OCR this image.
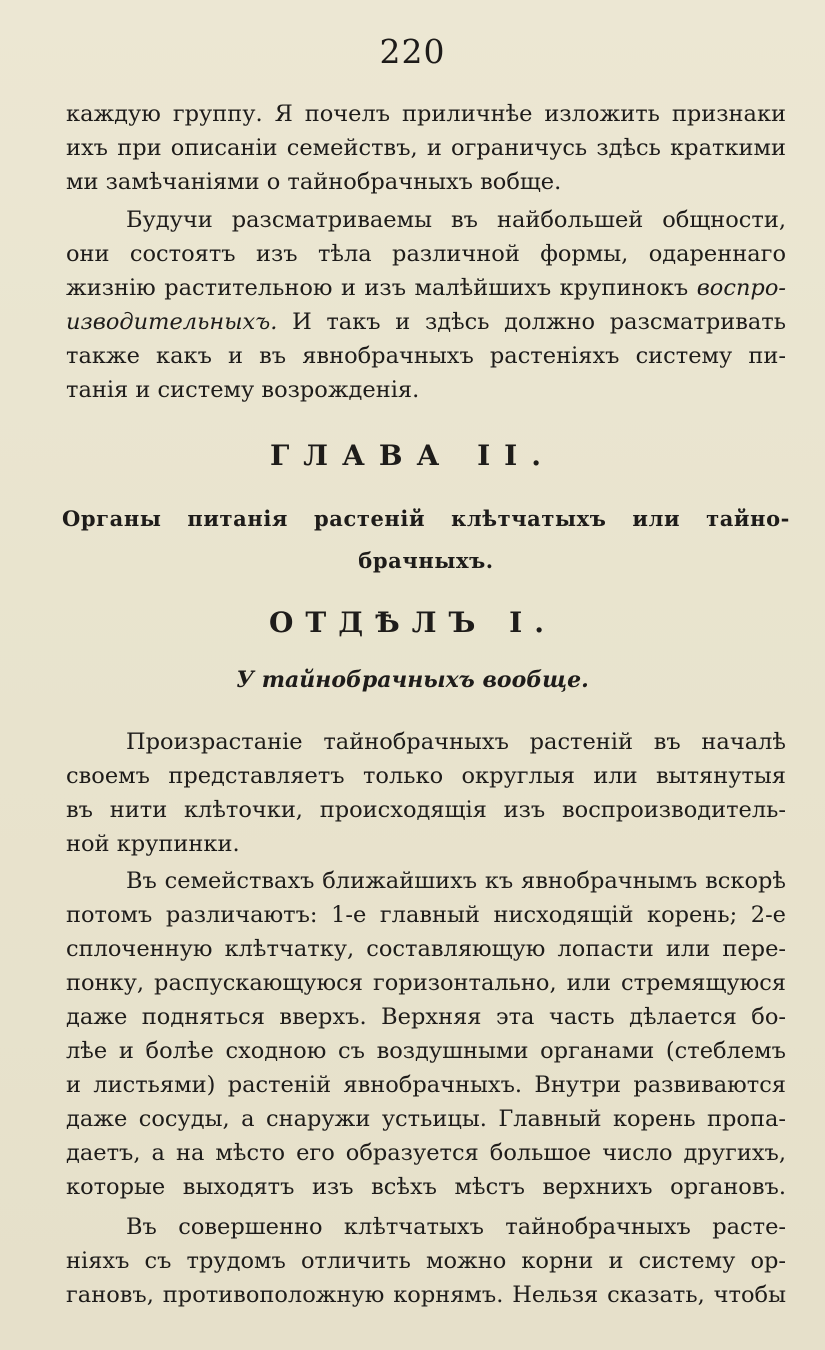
220
каждую группу. Я почелъ приличнѣе изложить признаки
ихъ при описаніи семействъ, и ограничусь здѣсь краткими
ми замѣчаніями о тайнобрачныхъ вобще.
Будучи разсматриваемы въ найбольшей общности,
они состоятъ изъ тѣла различной формы, одареннаго
жизнію растительною и изъ малѣйшихъ крупинокъ воспро-
изводительныхъ. И такъ и здѣсь должно разсматривать
также какъ и въ явнобрачныхъ растеніяхъ систему пи-
танія и систему возрожденія.
ГЛАВА II.
Органы питанія растеній клѣтчатыхъ или тайно-
брачныхъ.
ОТДѢЛЪ I.
У тайнобрачныхъ вообще.
Произрастаніе тайнобрачныхъ растеній въ началѣ
своемъ представляетъ только округлыя или вытянутыя
въ нити клѣточки, происходящія изъ воспроизводитель-
ной крупинки.
Въ семействахъ ближайшихъ къ явнобрачнымъ вскорѣ
потомъ различаютъ: 1-е главный нисходящій корень; 2-е
сплоченную клѣтчатку, составляющую лопасти или пере-
понку, распускающуюся горизонтально, или стремящуюся
даже подняться вверхъ. Верхняя эта часть дѣлается бо-
лѣе и болѣе сходною съ воздушными органами (стеблемъ
и листьями) растеній явнобрачныхъ. Внутри развиваются
даже сосуды, а снаружи устьицы. Главный корень пропа-
даетъ, а на мѣсто его образуется большое число другихъ,
которые выходятъ изъ всѣхъ мѣстъ верхнихъ органовъ.
Въ совершенно клѣтчатыхъ тайнобрачныхъ расте-
ніяхъ съ трудомъ отличить можно корни и систему ор-
гановъ, противоположную корнямъ. Нельзя сказать, чтобы
